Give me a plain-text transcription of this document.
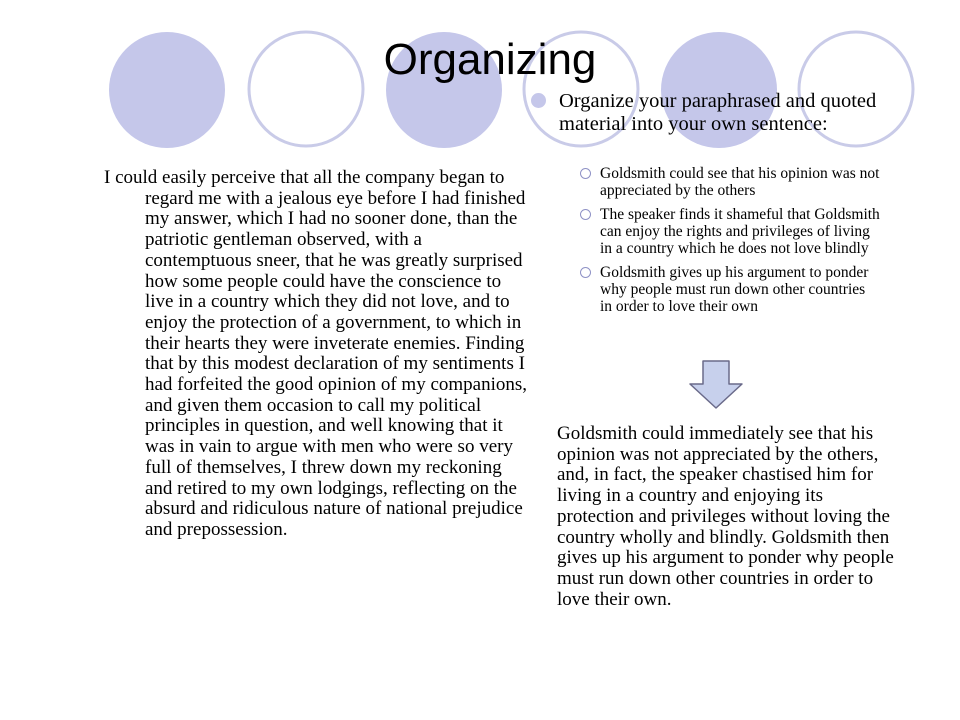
Organizing

I could easily perceive that all the company began to regard me with a jealous eye before I had finished my answer, which I had no sooner done, than the patriotic gentleman observed, with a contemptuous sneer, that he was greatly surprised how some people could have the conscience to live in a country which they did not love, and to enjoy the protection of a government, to which in their hearts they were inveterate enemies. Finding that by this modest declaration of my sentiments I had forfeited the good opinion of my companions, and given them occasion to call my political principles in question, and well knowing that it was in vain to argue with men who were so very full of themselves, I threw down my reckoning and retired to my own lodgings, reflecting on the absurd and ridiculous nature of national prejudice and prepossession.

Organize your paraphrased and quoted material into your own sentence:
Goldsmith could see that his opinion was not appreciated by the others
The speaker finds it shameful that Goldsmith can enjoy the rights and privileges of living in a country which he does not love blindly
Goldsmith gives up his argument to ponder why people must run down other countries in order to love their own

Goldsmith could immediately see that his opinion was not appreciated by the others, and, in fact, the speaker chastised him for living in a country and enjoying its protection and privileges without loving the country wholly and blindly. Goldsmith then gives up his argument to ponder why people must run down other countries in order to love their own.
